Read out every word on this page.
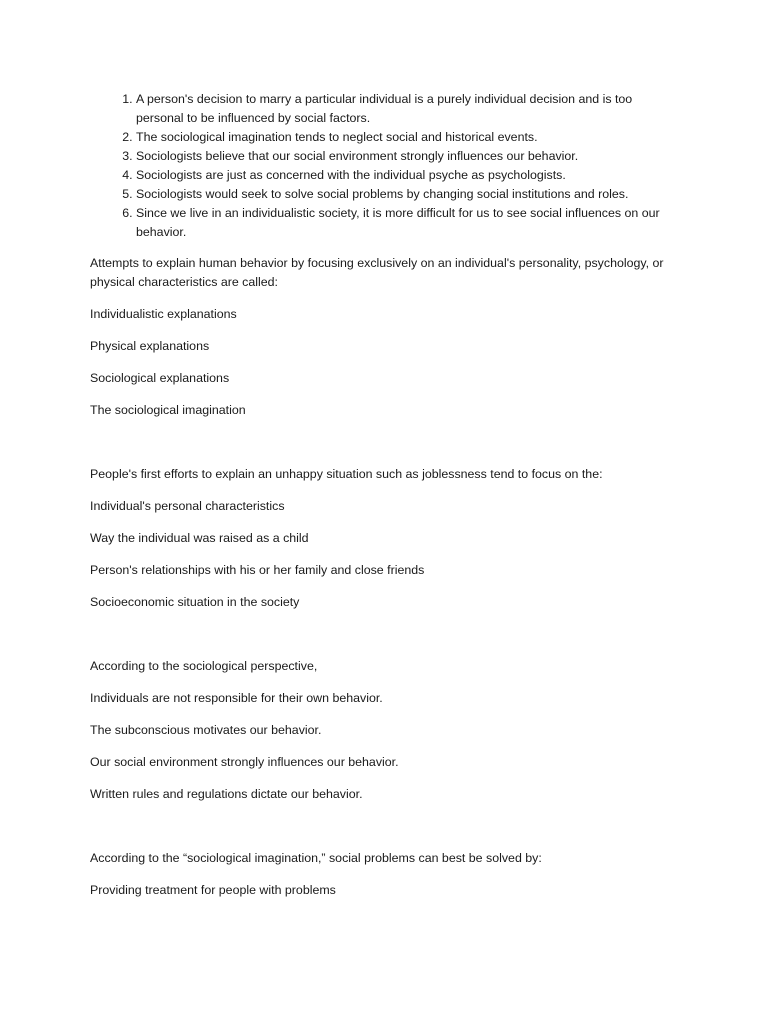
1. A person's decision to marry a particular individual is a purely individual decision and is too personal to be influenced by social factors.
2. The sociological imagination tends to neglect social and historical events.
3. Sociologists believe that our social environment strongly influences our behavior.
4. Sociologists are just as concerned with the individual psyche as psychologists.
5. Sociologists would seek to solve social problems by changing social institutions and roles.
6. Since we live in an individualistic society, it is more difficult for us to see social influences on our behavior.

Attempts to explain human behavior by focusing exclusively on an individual's personality, psychology, or physical characteristics are called:

Individualistic explanations

Physical explanations

Sociological explanations

The sociological imagination

People's first efforts to explain an unhappy situation such as joblessness tend to focus on the:

Individual's personal characteristics

Way the individual was raised as a child

Person's relationships with his or her family and close friends

Socioeconomic situation in the society

According to the sociological perspective,

Individuals are not responsible for their own behavior.

The subconscious motivates our behavior.

Our social environment strongly influences our behavior.

Written rules and regulations dictate our behavior.

According to the “sociological imagination,” social problems can best be solved by:

Providing treatment for people with problems
